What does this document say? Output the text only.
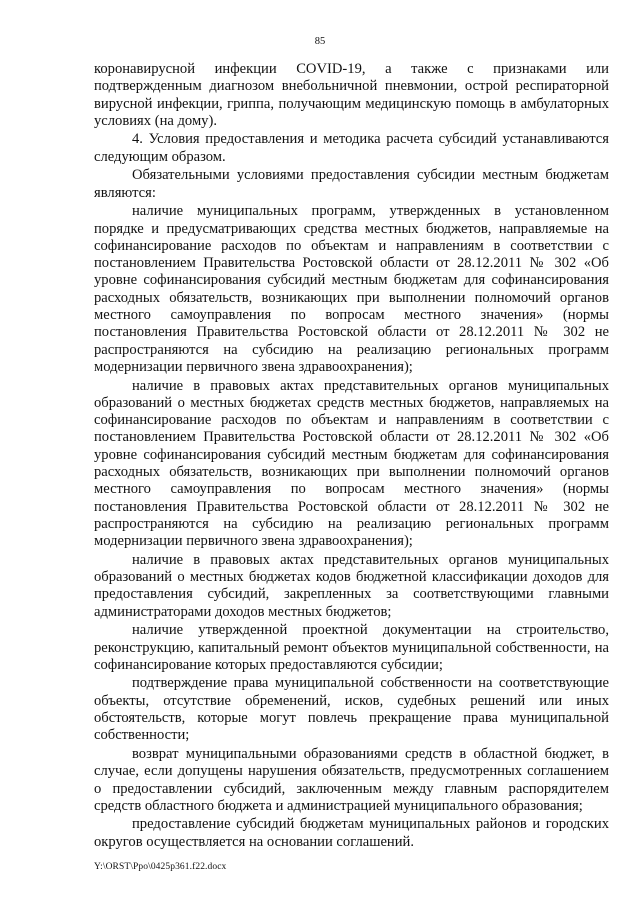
85

коронавирусной инфекции COVID-19, а также с признаками или подтвержденным диагнозом внебольничной пневмонии, острой респираторной вирусной инфекции, гриппа, получающим медицинскую помощь в амбулаторных условиях (на дому).

4. Условия предоставления и методика расчета субсидий устанавливаются следующим образом.

Обязательными условиями предоставления субсидии местным бюджетам являются:

наличие муниципальных программ, утвержденных в установленном порядке и предусматривающих средства местных бюджетов, направляемые на софинансирование расходов по объектам и направлениям в соответствии с постановлением Правительства Ростовской области от 28.12.2011 № 302 «Об уровне софинансирования субсидий местным бюджетам для софинансирования расходных обязательств, возникающих при выполнении полномочий органов местного самоуправления по вопросам местного значения» (нормы постановления Правительства Ростовской области от 28.12.2011 № 302 не распространяются на субсидию на реализацию региональных программ модернизации первичного звена здравоохранения);

наличие в правовых актах представительных органов муниципальных образований о местных бюджетах средств местных бюджетов, направляемых на софинансирование расходов по объектам и направлениям в соответствии с постановлением Правительства Ростовской области от 28.12.2011 № 302 «Об уровне софинансирования субсидий местным бюджетам для софинансирования расходных обязательств, возникающих при выполнении полномочий органов местного самоуправления по вопросам местного значения» (нормы постановления Правительства Ростовской области от 28.12.2011 № 302 не распространяются на субсидию на реализацию региональных программ модернизации первичного звена здравоохранения);

наличие в правовых актах представительных органов муниципальных образований о местных бюджетах кодов бюджетной классификации доходов для предоставления субсидий, закрепленных за соответствующими главными администраторами доходов местных бюджетов;

наличие утвержденной проектной документации на строительство, реконструкцию, капитальный ремонт объектов муниципальной собственности, на софинансирование которых предоставляются субсидии;

подтверждение права муниципальной собственности на соответствующие объекты, отсутствие обременений, исков, судебных решений или иных обстоятельств, которые могут повлечь прекращение права муниципальной собственности;

возврат муниципальными образованиями средств в областной бюджет, в случае, если допущены нарушения обязательств, предусмотренных соглашением о предоставлении субсидий, заключенным между главным распорядителем средств областного бюджета и администрацией муниципального образования;

предоставление субсидий бюджетам муниципальных районов и городских округов осуществляется на основании соглашений.

Y:\ORST\Ppo\0425p361.f22.docx
